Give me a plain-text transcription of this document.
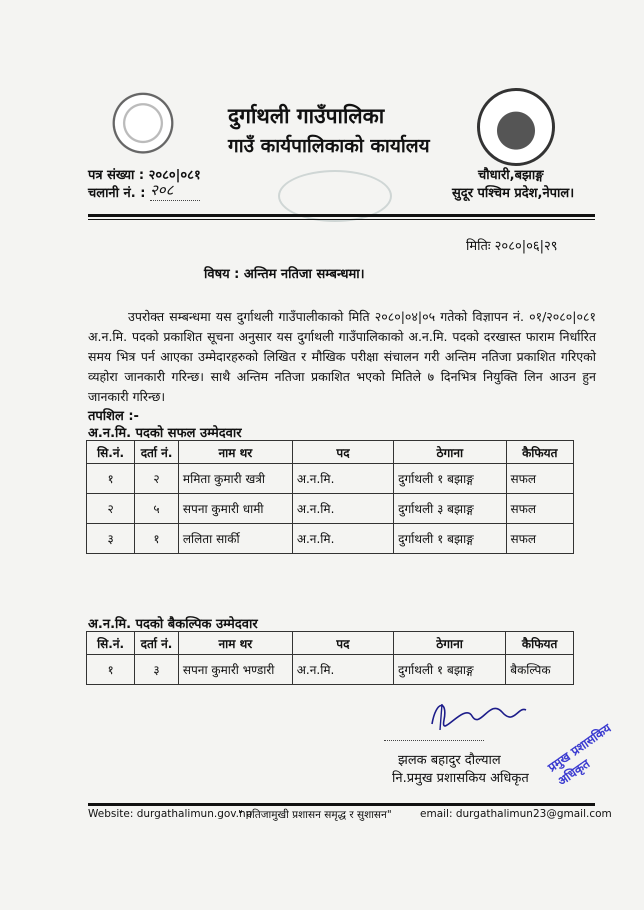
दुर्गाथली गाउँपालिका
गाउँ कार्यपालिकाको कार्यालय
पत्र संख्या : २०८०|०८१
चलानी नं. : २०८
चौधारी,बझाङ्ग
सुदूर पश्चिम प्रदेश,नेपाल।
मितिः २०८०|०६|२९
विषय : अन्तिम नतिजा सम्बन्धमा।
उपरोक्त सम्बन्धमा यस दुर्गाथली गाउँपालीकाको मिति २०८०|०४|०५ गतेको विज्ञापन नं. ०१/२०८०|०८१ अ.न.मि. पदको प्रकाशित सूचना अनुसार यस दुर्गाथली गाउँपालिकाको अ.न.मि. पदको दरखास्त फाराम निर्धारित समय भित्र पर्न आएका उम्मेदारहरुको लिखित र मौखिक परीक्षा संचालन गरी अन्तिम नतिजा प्रकाशित गरिएको व्यहोरा जानकारी गरिन्छ। साथै अन्तिम नतिजा प्रकाशित भएको मितिले ७ दिनभित्र नियुक्ति लिन आउन हुन जानकारी गरिन्छ।
तपशिल :-
अ.न.मि. पदको सफल उम्मेदवार
सि.नं.	दर्ता नं.	नाम थर	पद	ठेगाना	कैफियत
१	२	ममिता कुमारी खत्री	अ.न.मि.	दुर्गाथली १ बझाङ्ग	सफल
२	५	सपना कुमारी धामी	अ.न.मि.	दुर्गाथली ३ बझाङ्ग	सफल
३	१	ललिता सार्की	अ.न.मि.	दुर्गाथली १ बझाङ्ग	सफल
अ.न.मि. पदको बैकल्पिक उम्मेदवार
सि.नं.	दर्ता नं.	नाम थर	पद	ठेगाना	कैफियत
१	३	सपना कुमारी भण्डारी	अ.न.मि.	दुर्गाथली १ बझाङ्ग	बैकल्पिक
झलक बहादुर दौल्याल
नि.प्रमुख प्रशासकिय अधिकृत
प्रमुख प्रशासकिय अधिकृत
Website: durgathalimun.gov.np
" नतिजामुखी प्रशासन समृद्ध र सुशासन"	email: durgathalimun23@gmail.com
